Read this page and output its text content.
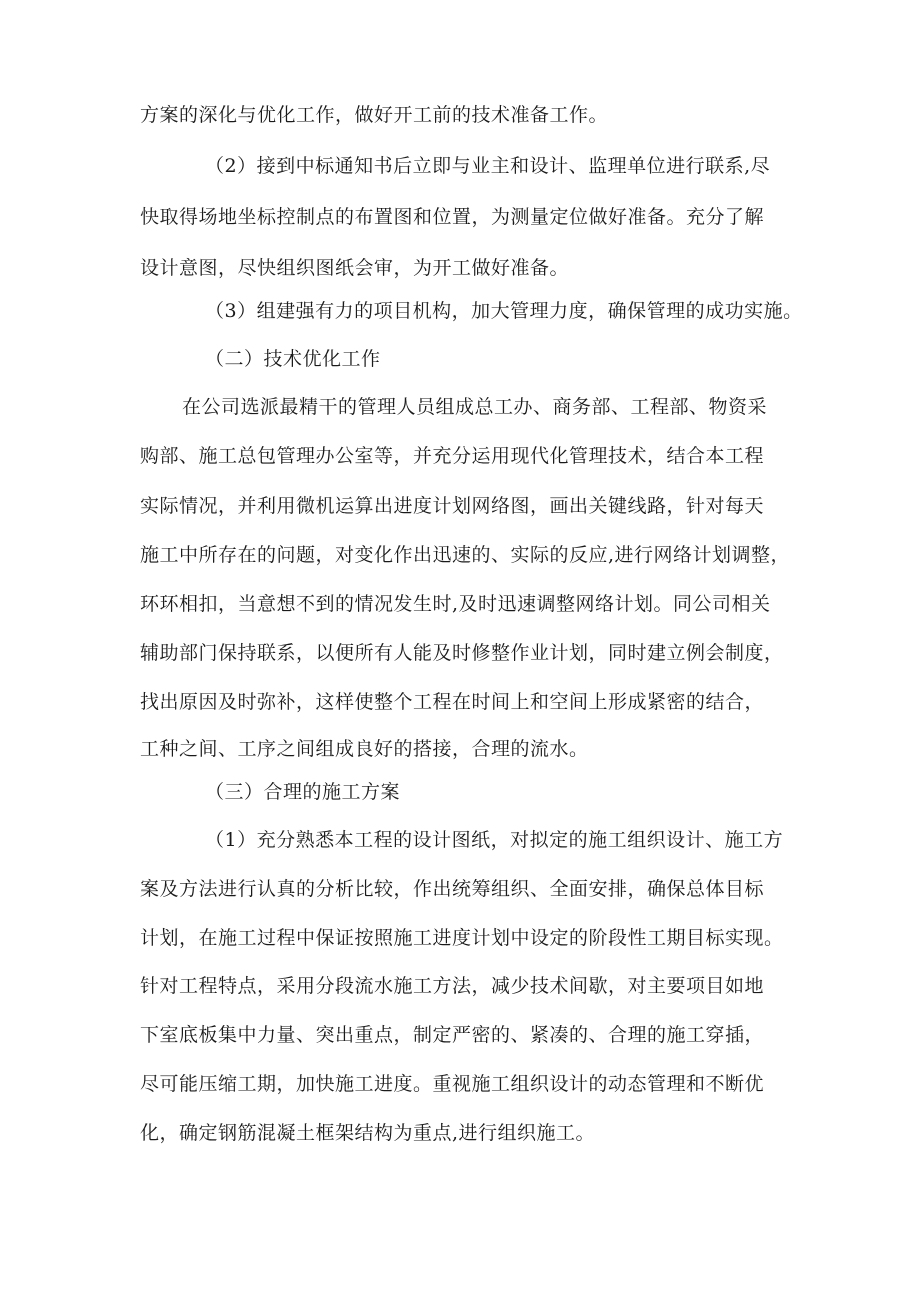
方案的深化与优化工作，做好开工前的技术准备工作。
（2）接到中标通知书后立即与业主和设计、监理单位进行联系,尽
快取得场地坐标控制点的布置图和位置，为测量定位做好准备。充分了解
设计意图，尽快组织图纸会审，为开工做好准备。
（3）组建强有力的项目机构，加大管理力度，确保管理的成功实施。
（二）技术优化工作
在公司选派最精干的管理人员组成总工办、商务部、工程部、物资采
购部、施工总包管理办公室等，并充分运用现代化管理技术，结合本工程
实际情况，并利用微机运算出进度计划网络图，画出关键线路，针对每天
施工中所存在的问题，对变化作出迅速的、实际的反应,进行网络计划调整，
环环相扣，当意想不到的情况发生时,及时迅速调整网络计划。同公司相关
辅助部门保持联系，以便所有人能及时修整作业计划，同时建立例会制度，
找出原因及时弥补，这样使整个工程在时间上和空间上形成紧密的结合，
工种之间、工序之间组成良好的搭接，合理的流水。
（三）合理的施工方案
（1）充分熟悉本工程的设计图纸，对拟定的施工组织设计、施工方
案及方法进行认真的分析比较，作出统筹组织、全面安排，确保总体目标
计划，在施工过程中保证按照施工进度计划中设定的阶段性工期目标实现。
针对工程特点，采用分段流水施工方法，减少技术间歇，对主要项目如地
下室底板集中力量、突出重点，制定严密的、紧凑的、合理的施工穿插，
尽可能压缩工期，加快施工进度。重视施工组织设计的动态管理和不断优
化，确定钢筋混凝土框架结构为重点,进行组织施工。
